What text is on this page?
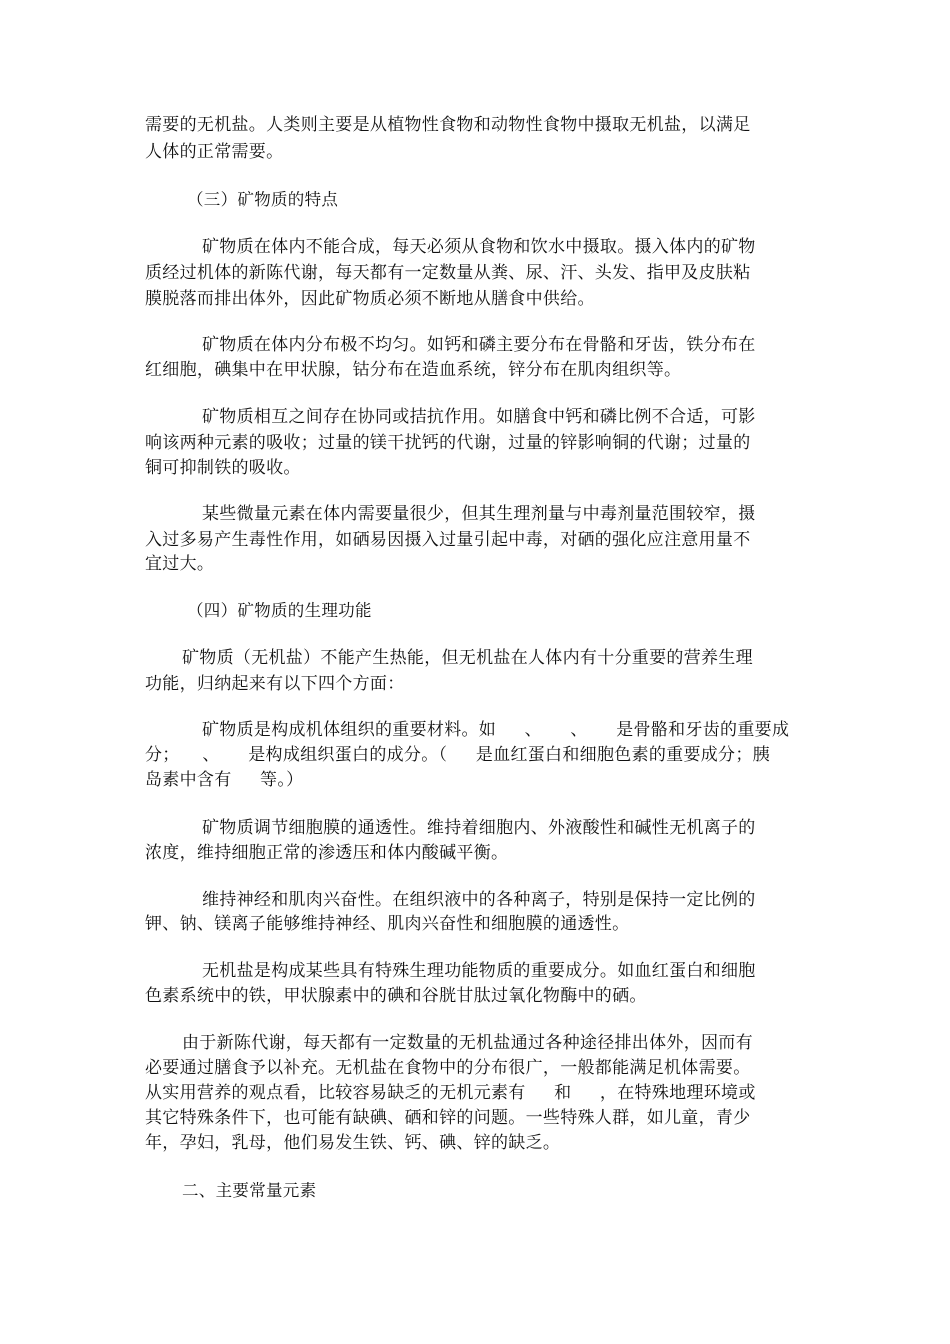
需要的无机盐。人类则主要是从植物性食物和动物性食物中摄取无机盐，以满足
人体的正常需要。
（三）矿物质的特点
矿物质在体内不能合成，每天必须从食物和饮水中摄取。摄入体内的矿物
质经过机体的新陈代谢，每天都有一定数量从粪、尿、汗、头发、指甲及皮肤粘
膜脱落而排出体外，因此矿物质必须不断地从膳食中供给。
矿物质在体内分布极不均匀。如钙和磷主要分布在骨骼和牙齿，铁分布在
红细胞，碘集中在甲状腺，钴分布在造血系统，锌分布在肌肉组织等。
矿物质相互之间存在协同或拮抗作用。如膳食中钙和磷比例不合适，可影
响该两种元素的吸收；过量的镁干扰钙的代谢，过量的锌影响铜的代谢；过量的
铜可抑制铁的吸收。
某些微量元素在体内需要量很少，但其生理剂量与中毒剂量范围较窄，摄
入过多易产生毒性作用，如硒易因摄入过量引起中毒，对硒的强化应注意用量不
宜过大。
（四）矿物质的生理功能
矿物质（无机盐）不能产生热能，但无机盐在人体内有十分重要的营养生理
功能，归纳起来有以下四个方面：
矿物质是构成机体组织的重要材料。如     、     、     是骨骼和牙齿的重要成
分；    、     是构成组织蛋白的成分。（     是血红蛋白和细胞色素的重要成分；胰
岛素中含有     等。）
矿物质调节细胞膜的通透性。维持着细胞内、外液酸性和碱性无机离子的
浓度，维持细胞正常的渗透压和体内酸碱平衡。
维持神经和肌肉兴奋性。在组织液中的各种离子，特别是保持一定比例的
钾、钠、镁离子能够维持神经、肌肉兴奋性和细胞膜的通透性。
无机盐是构成某些具有特殊生理功能物质的重要成分。如血红蛋白和细胞
色素系统中的铁，甲状腺素中的碘和谷胱甘肽过氧化物酶中的硒。
由于新陈代谢，每天都有一定数量的无机盐通过各种途径排出体外，因而有
必要通过膳食予以补充。无机盐在食物中的分布很广，一般都能满足机体需要。
从实用营养的观点看，比较容易缺乏的无机元素有     和     ，在特殊地理环境或
其它特殊条件下，也可能有缺碘、硒和锌的问题。一些特殊人群，如儿童，青少
年，孕妇，乳母，他们易发生铁、钙、碘、锌的缺乏。
二、主要常量元素
